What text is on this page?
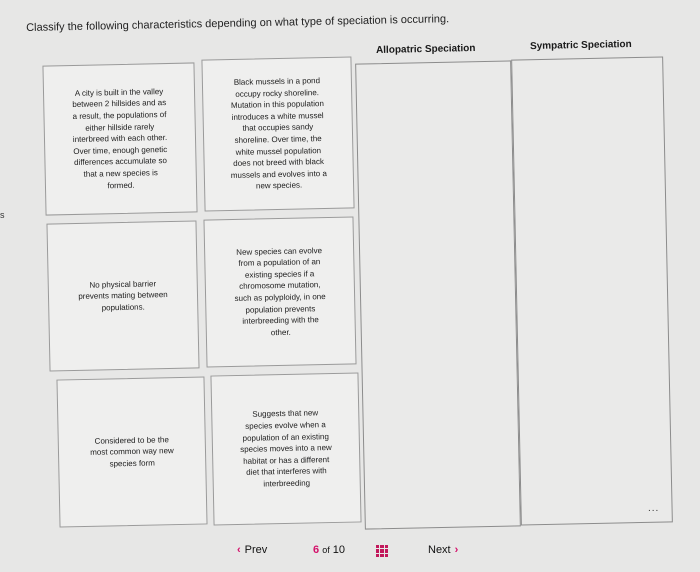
Classify the following characteristics depending on what type of speciation is occurring.
Allopatric Speciation	Sympatric Speciation
s
A city is built in the valley
between 2 hillsides and as
a result, the populations of
either hillside rarely
interbreed with each other.
Over time, enough genetic
differences accumulate so
that a new species is
formed.
Black mussels in a pond
occupy rocky shoreline.
Mutation in this population
introduces a white mussel
that occupies sandy
shoreline. Over time, the
white mussel population
does not breed with black
mussels and evolves into a
new species.
No physical barrier
prevents mating between
populations.
New species can evolve
from a population of an
existing species if a
chromosome mutation,
such as polyploidy, in one
population prevents
interbreeding with the
other.
Considered to be the
most common way new
species form
Suggests that new
species evolve when a
population of an existing
species moves into a new
habitat or has a different
diet that interferes with
interbreeding
...
‹ Prev	6 of 10	Next ›
